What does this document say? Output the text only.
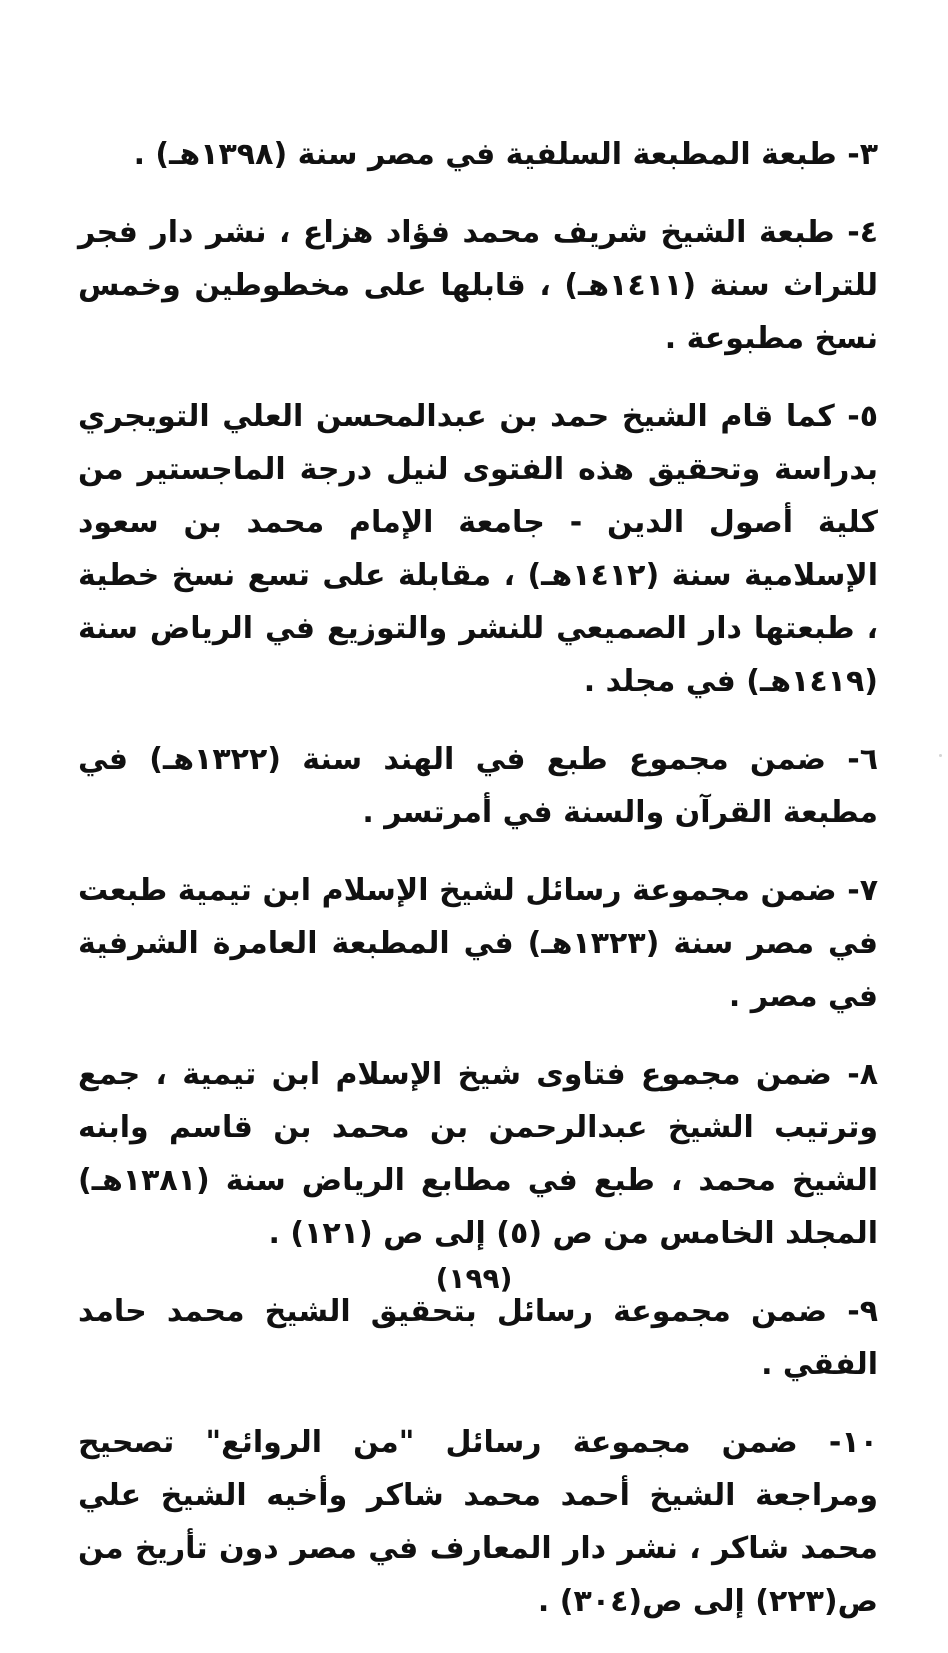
٣- طبعة المطبعة السلفية في مصر سنة (١٣٩٨هـ) .

٤- طبعة الشيخ شريف محمد فؤاد هزاع ، نشر دار فجر للتراث سنة (١٤١١هـ) ، قابلها على مخطوطين وخمس نسخ مطبوعة .

٥- كما قام الشيخ حمد بن عبدالمحسن العلي التويجري بدراسة وتحقيق هذه الفتوى لنيل درجة الماجستير من كلية أصول الدين - جامعة الإمام محمد بن سعود الإسلامية سنة (١٤١٢هـ) ، مقابلة على تسع نسخ خطية ، طبعتها دار الصميعي للنشر والتوزيع في الرياض سنة (١٤١٩هـ) في مجلد .

٦- ضمن مجموع طبع في الهند سنة (١٣٢٢هـ) في مطبعة القرآن والسنة في أمرتسر .

٧- ضمن مجموعة رسائل لشيخ الإسلام ابن تيمية طبعت في مصر سنة (١٣٢٣هـ) في المطبعة العامرة الشرفية في مصر .

٨- ضمن مجموع فتاوى شيخ الإسلام ابن تيمية ، جمع وترتيب الشيخ عبدالرحمن بن محمد بن قاسم وابنه الشيخ محمد ، طبع في مطابع الرياض سنة (١٣٨١هـ) المجلد الخامس من ص (٥) إلى ص (١٢١) .

٩- ضمن مجموعة رسائل بتحقيق الشيخ محمد حامد الفقي .

١٠- ضمن مجموعة رسائل "من الروائع" تصحيح ومراجعة الشيخ أحمد محمد شاكر وأخيه الشيخ علي محمد شاكر ، نشر دار المعارف في مصر دون تأريخ من ص(٢٢٣) إلى ص(٣٠٤) .

(١٩٩)
